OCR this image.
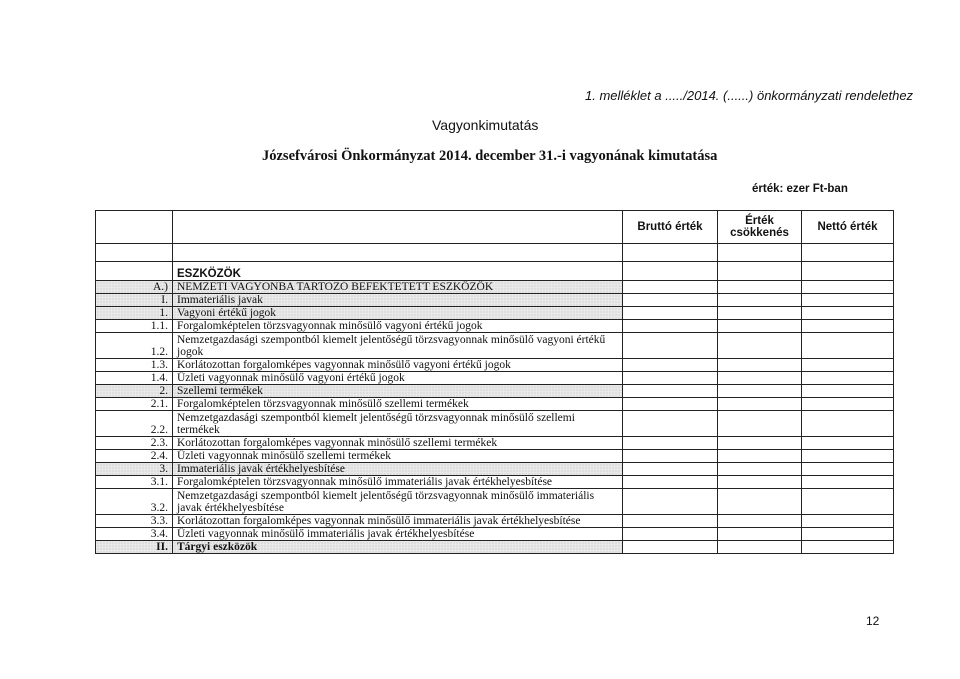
1. melléklet a ...../2014. (......) önkormányzati rendelethez
Vagyonkimutatás
Józsefvárosi Önkormányzat 2014. december 31.-i vagyonának kimutatása
érték: ezer Ft-ban
		Bruttó érték	Érték csökkenés	Nettó érték

	ESZKÖZÖK			
A.)	NEMZETI VAGYONBA TARTOZÓ BEFEKTETETT ESZKÖZÖK			
I.	Immateriális javak			
1.	Vagyoni értékű jogok			
1.1.	Forgalomképtelen törzsvagyonnak minősülő vagyoni értékű jogok			
1.2.	Nemzetgazdasági szempontból kiemelt jelentőségű törzsvagyonnak minősülő vagyoni értékű jogok			
1.3.	Korlátozottan forgalomképes vagyonnak minősülő vagyoni értékű jogok			
1.4.	Üzleti vagyonnak minősülő vagyoni értékű jogok			
2.	Szellemi termékek			
2.1.	Forgalomképtelen törzsvagyonnak minősülő szellemi termékek			
2.2.	Nemzetgazdasági szempontból kiemelt jelentőségű törzsvagyonnak minősülő szellemi termékek			
2.3.	Korlátozottan forgalomképes vagyonnak minősülő szellemi termékek			
2.4.	Üzleti vagyonnak minősülő szellemi termékek			
3.	Immateriális javak értékhelyesbítése			
3.1.	Forgalomképtelen törzsvagyonnak minősülő immateriális javak értékhelyesbítése			
3.2.	Nemzetgazdasági szempontból kiemelt jelentőségű törzsvagyonnak minősülő immateriális javak értékhelyesbítése			
3.3.	Korlátozottan forgalomképes vagyonnak minősülő immateriális javak értékhelyesbítése			
3.4.	Üzleti vagyonnak minősülő immateriális javak értékhelyesbítése			
II.	Tárgyi eszközök			
12
